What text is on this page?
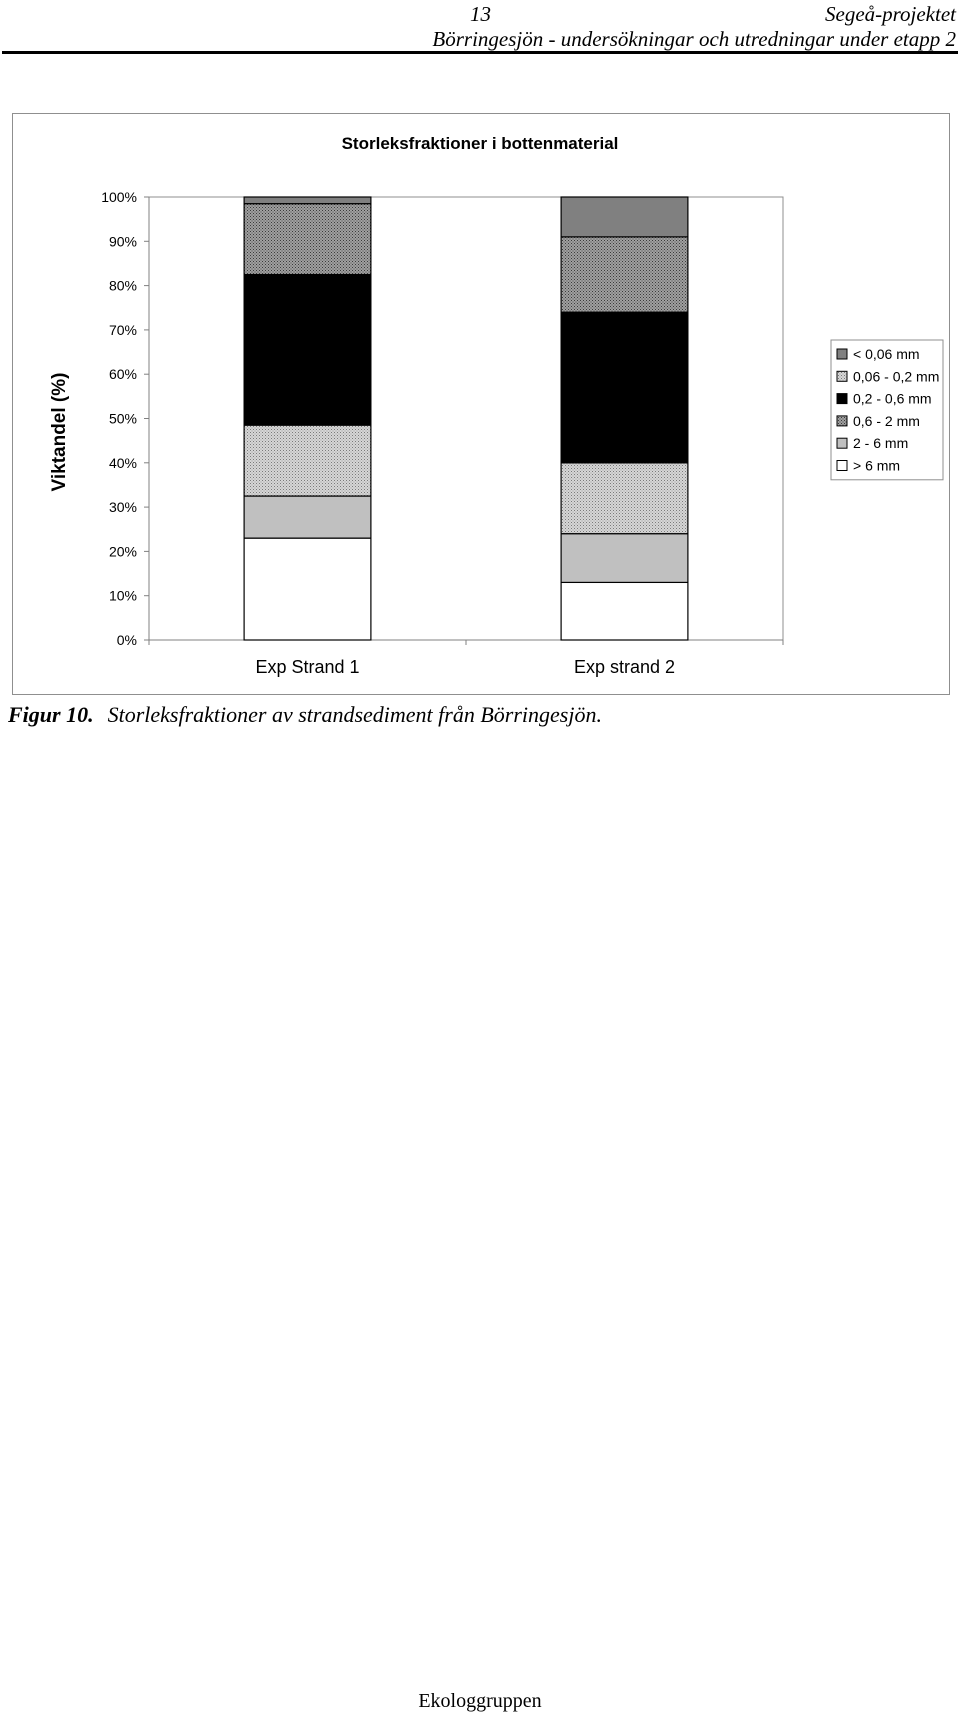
13	Segeå-projektet
Börringesjön - undersökningar och utredningar under etapp 2
Storleksfraktioner i bottenmaterial
Viktandel (%)
0%
10%
20%
30%
40%
50%
60%
70%
80%
90%
100%
Exp Strand 1	Exp strand 2
< 0,06 mm
0,06 - 0,2 mm
0,2 - 0,6 mm
0,6 - 2 mm
2 - 6 mm
> 6 mm
Figur 10. Storleksfraktioner av strandsediment från Börringesjön.
Ekologgruppen
